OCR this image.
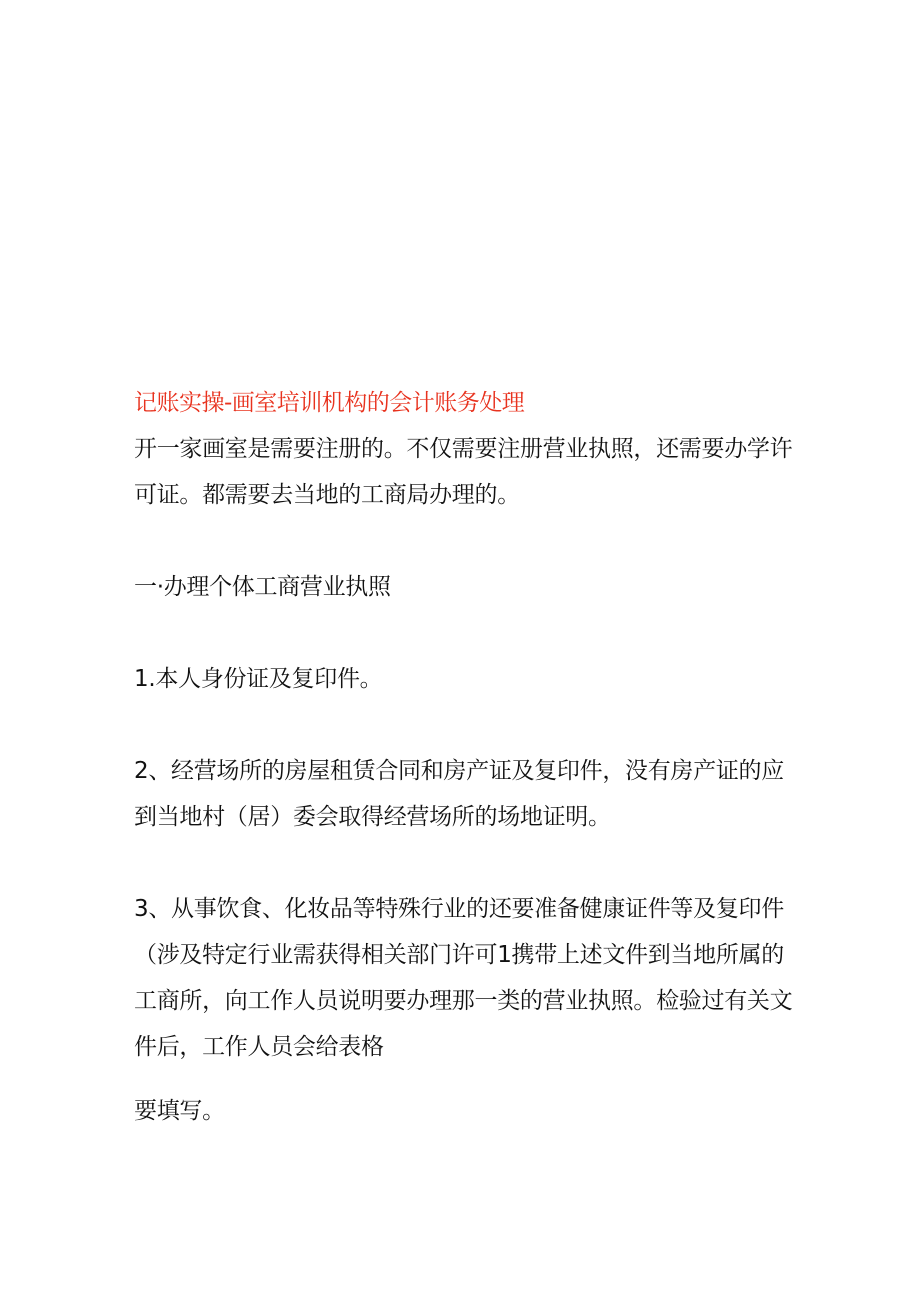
记账实操-画室培训机构的会计账务处理

开一家画室是需要注册的。不仅需要注册营业执照，还需要办学许可证。都需要去当地的工商局办理的。

一·办理个体工商营业执照

1.本人身份证及复印件。

2、经营场所的房屋租赁合同和房产证及复印件，没有房产证的应到当地村（居）委会取得经营场所的场地证明。

3、从事饮食、化妆品等特殊行业的还要准备健康证件等及复印件（涉及特定行业需获得相关部门许可1携带上述文件到当地所属的工商所，向工作人员说明要办理那一类的营业执照。检验过有关文件后，工作人员会给表格

要填写。
